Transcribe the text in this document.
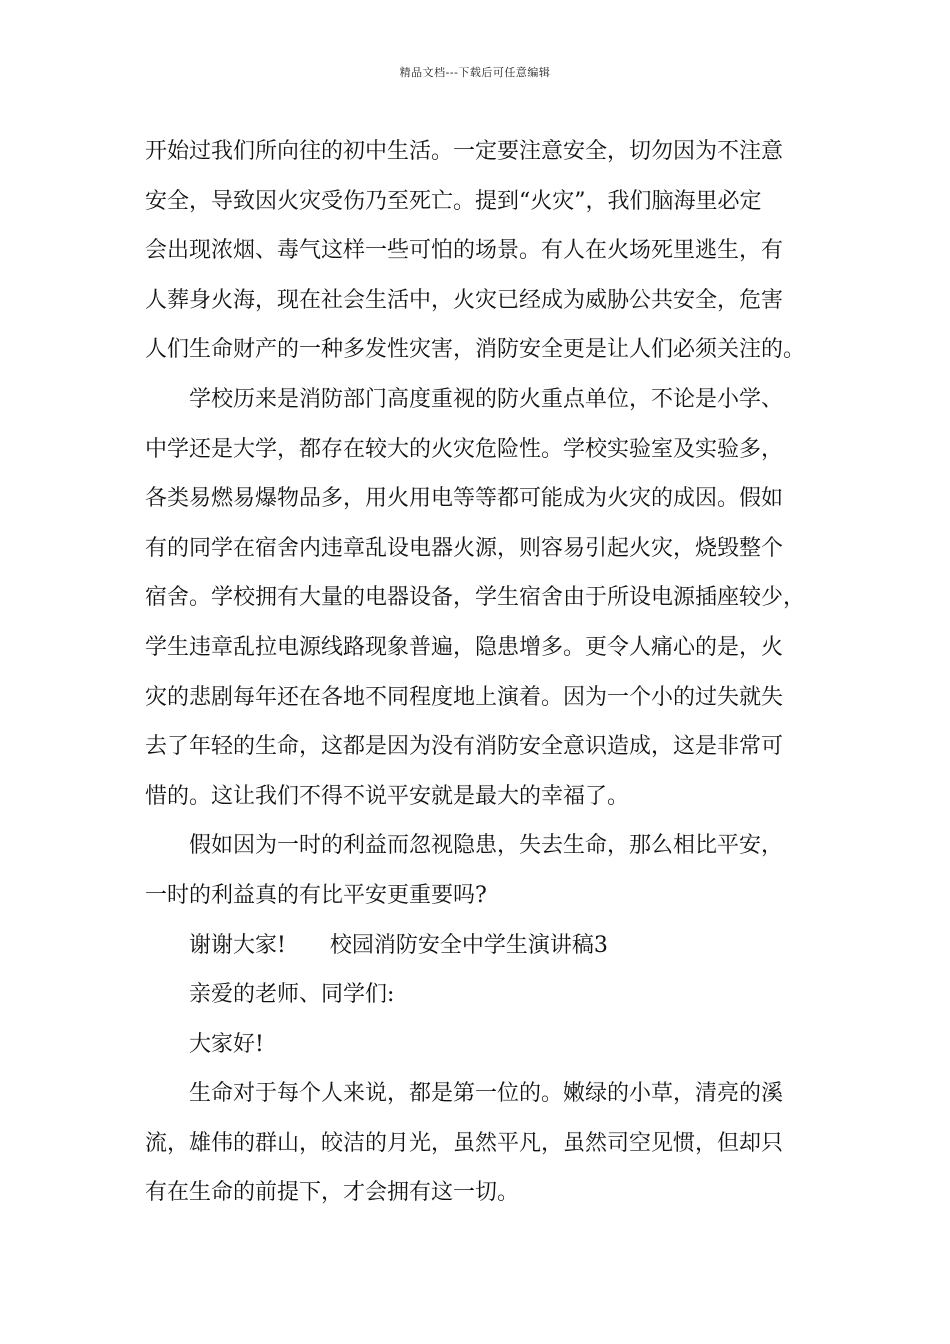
精品文档---下载后可任意编辑
开始过我们所向往的初中生活。一定要注意安全，切勿因为不注意
安全，导致因火灾受伤乃至死亡。提到“火灾”，我们脑海里必定
会出现浓烟、毒气这样一些可怕的场景。有人在火场死里逃生，有
人葬身火海，现在社会生活中，火灾已经成为威胁公共安全，危害
人们生命财产的一种多发性灾害，消防安全更是让人们必须关注的。
学校历来是消防部门高度重视的防火重点单位，不论是小学、
中学还是大学，都存在较大的火灾危险性。学校实验室及实验多，
各类易燃易爆物品多，用火用电等等都可能成为火灾的成因。假如
有的同学在宿舍内违章乱设电器火源，则容易引起火灾，烧毁整个
宿舍。学校拥有大量的电器设备，学生宿舍由于所设电源插座较少，
学生违章乱拉电源线路现象普遍，隐患增多。更令人痛心的是，火
灾的悲剧每年还在各地不同程度地上演着。因为一个小的过失就失
去了年轻的生命，这都是因为没有消防安全意识造成，这是非常可
惜的。这让我们不得不说平安就是最大的幸福了。
假如因为一时的利益而忽视隐患，失去生命，那么相比平安，
一时的利益真的有比平安更重要吗?
谢谢大家! 校园消防安全中学生演讲稿3
亲爱的老师、同学们:
大家好!
生命对于每个人来说，都是第一位的。嫩绿的小草，清亮的溪
流，雄伟的群山，皎洁的月光，虽然平凡，虽然司空见惯，但却只
有在生命的前提下，才会拥有这一切。
